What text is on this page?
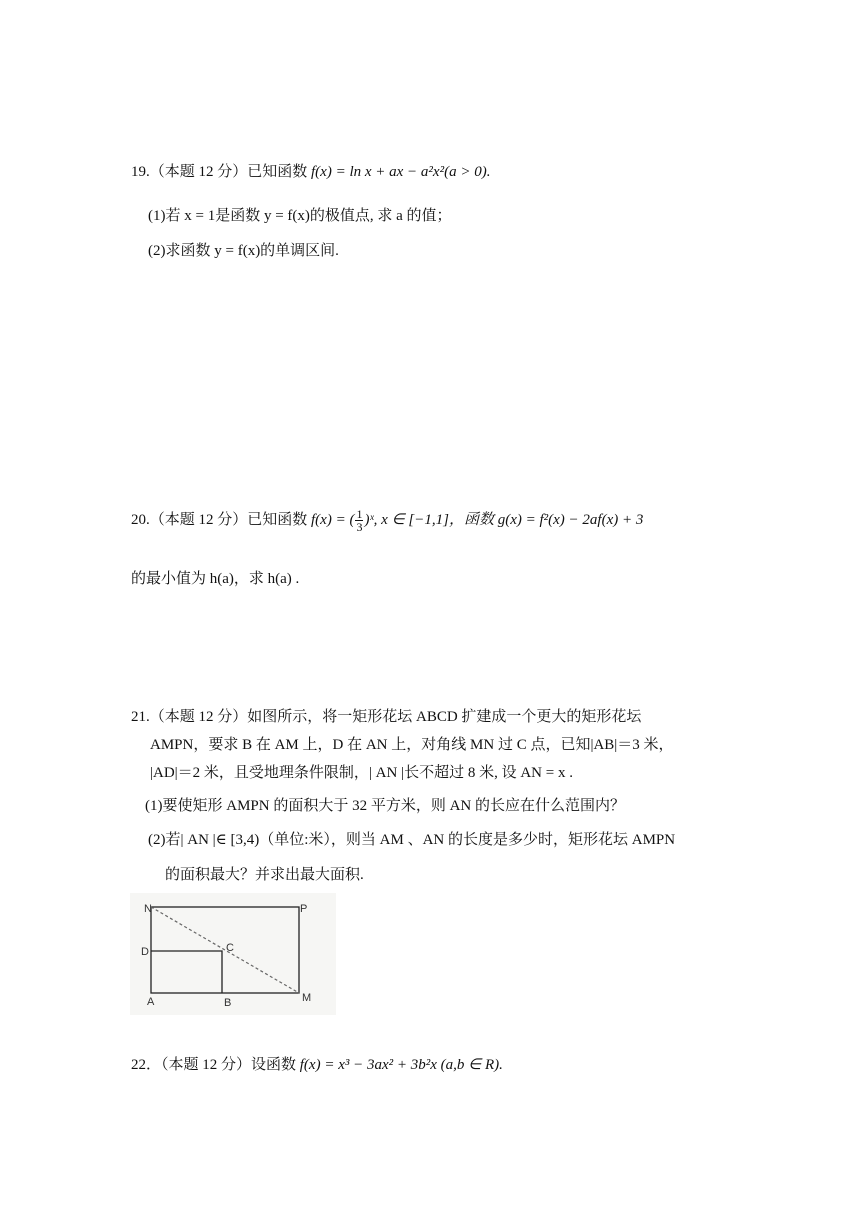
19.（本题 12 分）已知函数 f(x) = ln x + ax − a²x²(a > 0).
(1)若 x = 1是函数 y = f(x)的极值点, 求 a 的值；
(2)求函数 y = f(x)的单调区间.
20.（本题 12 分）已知函数 f(x) = ( $\frac{1}{3}$ )ˣ, x ∈ [−1,1]，函数 g(x) = f²(x) − 2af(x) + 3
的最小值为 h(a)，求 h(a) .
21.（本题 12 分）如图所示，将一矩形花坛 ABCD 扩建成一个更大的矩形花坛
AMPN，要求 B 在 AM 上，D 在 AN 上，对角线 MN 过 C 点，已知|AB|＝3 米，
|AD|＝2 米，且受地理条件限制，| AN |长不超过 8 米, 设 AN = x .
(1)要使矩形 AMPN 的面积大于 32 平方米，则 AN 的长应在什么范围内？
(2)若| AN |∈ [3,4)（单位:米），则当 AM 、AN 的长度是多少时，矩形花坛 AMPN
的面积最大？并求出最大面积.
N	P
D	C
A	B	M
22．（本题 12 分）设函数 f(x) = x³ − 3ax² + 3b²x (a,b ∈ R).
